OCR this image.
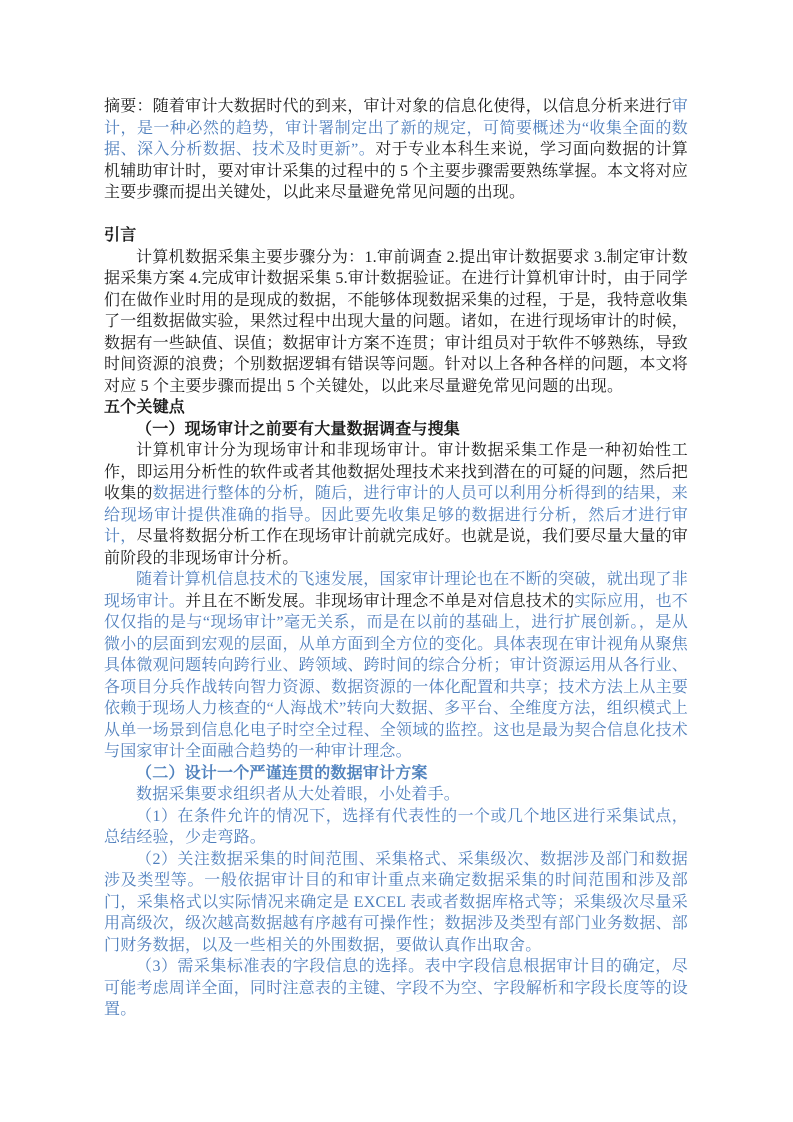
摘要：随着审计大数据时代的到来，审计对象的信息化使得，以信息分析来进行审计，是一种必然的趋势，审计署制定出了新的规定，可简要概述为“收集全面的数据、深入分析数据、技术及时更新”。对于专业本科生来说，学习面向数据的计算机辅助审计时，要对审计采集的过程中的 5 个主要步骤需要熟练掌握。本文将对应主要步骤而提出关键处，以此来尽量避免常见问题的出现。

引言

计算机数据采集主要步骤分为：1.审前调查 2.提出审计数据要求 3.制定审计数据采集方案 4.完成审计数据采集 5.审计数据验证。在进行计算机审计时，由于同学们在做作业时用的是现成的数据，不能够体现数据采集的过程，于是，我特意收集了一组数据做实验，果然过程中出现大量的问题。诸如，在进行现场审计的时候，数据有一些缺值、误值；数据审计方案不连贯；审计组员对于软件不够熟练，导致时间资源的浪费；个别数据逻辑有错误等问题。针对以上各种各样的问题，本文将对应 5 个主要步骤而提出 5 个关键处，以此来尽量避免常见问题的出现。

五个关键点

（一）现场审计之前要有大量数据调查与搜集

计算机审计分为现场审计和非现场审计。审计数据采集工作是一种初始性工作，即运用分析性的软件或者其他数据处理技术来找到潜在的可疑的问题，然后把收集的数据进行整体的分析，随后，进行审计的人员可以利用分析得到的结果，来给现场审计提供准确的指导。因此要先收集足够的数据进行分析，然后才进行审计，尽量将数据分析工作在现场审计前就完成好。也就是说，我们要尽量大量的审前阶段的非现场审计分析。

随着计算机信息技术的飞速发展，国家审计理论也在不断的突破，就出现了非现场审计。并且在不断发展。非现场审计理念不单是对信息技术的实际应用，也不仅仅指的是与“现场审计”毫无关系，而是在以前的基础上，进行扩展创新。，是从微小的层面到宏观的层面，从单方面到全方位的变化。具体表现在审计视角从聚焦具体微观问题转向跨行业、跨领域、跨时间的综合分析；审计资源运用从各行业、各项目分兵作战转向智力资源、数据资源的一体化配置和共享；技术方法上从主要依赖于现场人力核查的“人海战术”转向大数据、多平台、全维度方法，组织模式上从单一场景到信息化电子时空全过程、全领域的监控。这也是最为契合信息化技术与国家审计全面融合趋势的一种审计理念。

（二）设计一个严谨连贯的数据审计方案

数据采集要求组织者从大处着眼，小处着手。

（1）在条件允许的情况下，选择有代表性的一个或几个地区进行采集试点，总结经验，少走弯路。

（2）关注数据采集的时间范围、采集格式、采集级次、数据涉及部门和数据涉及类型等。一般依据审计目的和审计重点来确定数据采集的时间范围和涉及部门，采集格式以实际情况来确定是 EXCEL 表或者数据库格式等；采集级次尽量采用高级次，级次越高数据越有序越有可操作性；数据涉及类型有部门业务数据、部门财务数据，以及一些相关的外围数据，要做认真作出取舍。

（3）需采集标准表的字段信息的选择。表中字段信息根据审计目的确定，尽可能考虑周详全面，同时注意表的主键、字段不为空、字段解析和字段长度等的设置。
